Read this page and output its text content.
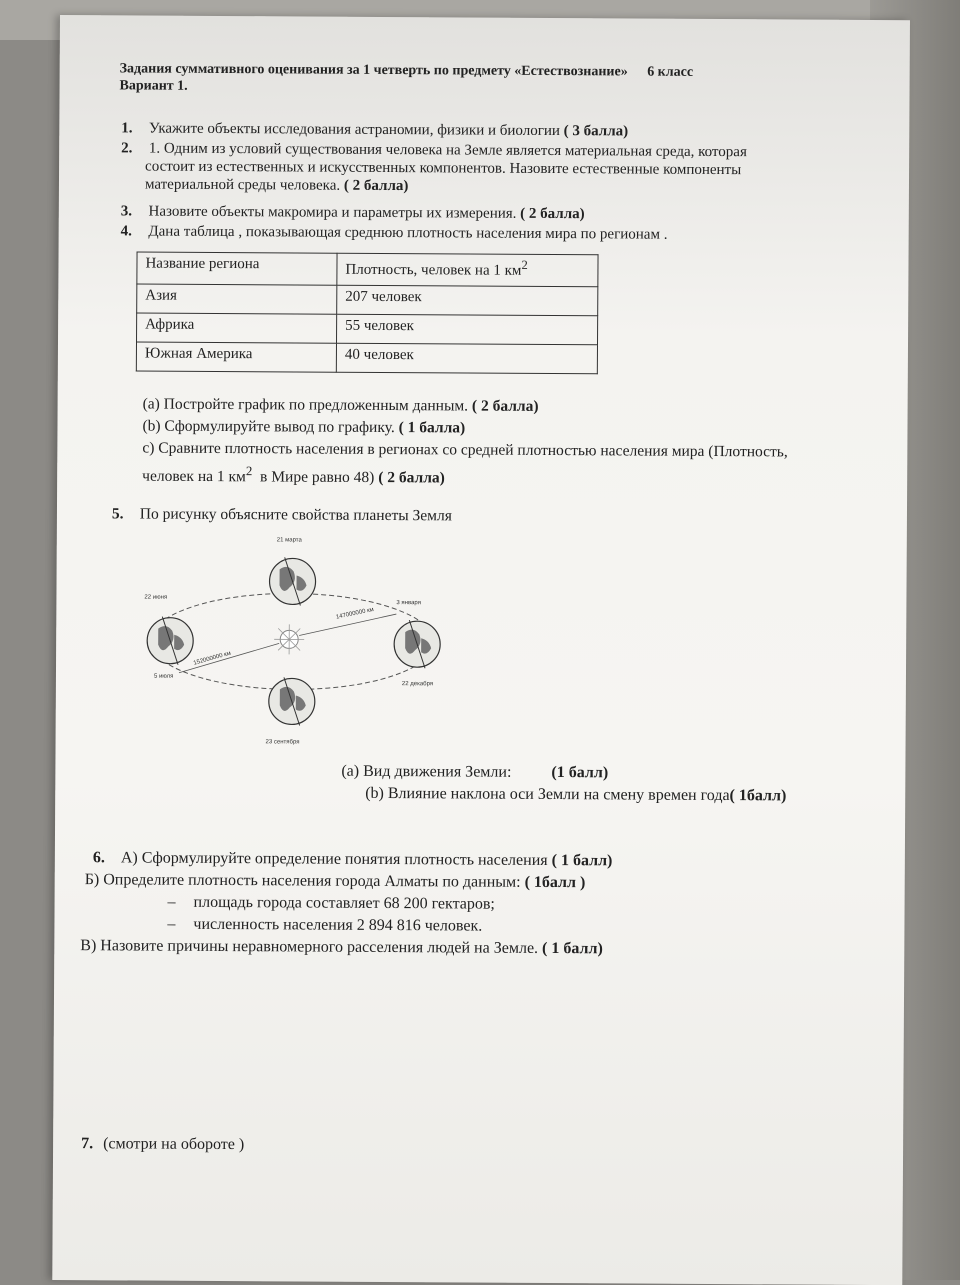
Задания суммативного оценивания за 1 четверть по предмету «Естествознание» 6 класс
Вариант 1.
1. Укажите объекты исследования астраномии, физики и биологии ( 3 балла)
2. 1. Одним из условий существования человека на Земле является материальная среда, которая
состоит из естественных и искусственных компонентов. Назовите естественные компоненты
материальной среды человека. ( 2 балла)
3. Назовите объекты макромира и параметры их измерения. ( 2 балла)
4. Дана таблица , показывающая среднюю плотность населения мира по регионам .
Название региона	Плотность, человек на 1 $км^2$
Азия	207 человек
Африка	55 человек
Южная Америка	40 человек
(а) Постройте график по предложенным данным. ( 2 балла)
(b) Сформулируйте вывод по графику. ( 1 балла)
с) Сравните плотность населения в регионах со средней плотностью населения мира (Плотность,
человек на 1 $км^2$  в Мире равно 48) ( 2 балла)
5. По рисунку объясните свойства планеты Земля
21 марта
22 июня
3 января
5 июля
22 декабря
23 сентября
147000000 км
152000000 км
(а) Вид движения Земли: (1 балл)
(b) Влияние наклона оси Земли на смену времен года( 1балл)
6. А) Сформулируйте определение понятия плотность населения ( 1 балл)
Б) Определите плотность населения города Алматы по данным: ( 1балл )
– площадь города составляет 68 200 гектаров;
– численность населения 2 894 816 человек.
В) Назовите причины неравномерного расселения людей на Земле. ( 1 балл)
7. (смотри на обороте )
